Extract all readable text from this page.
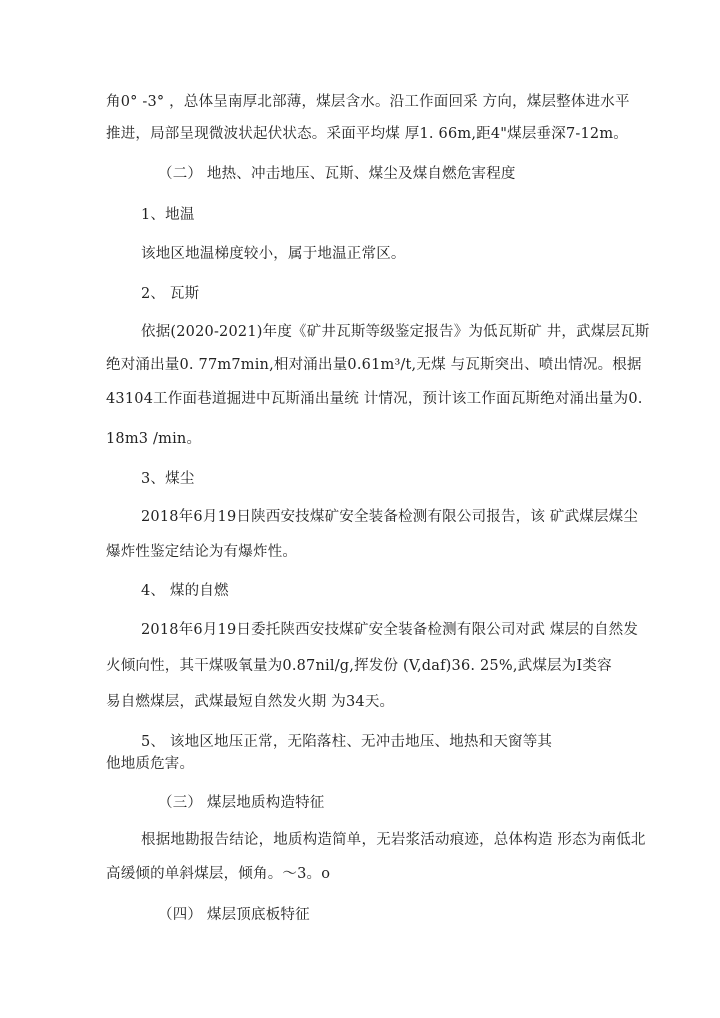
角0° -3° ，总体呈南厚北部薄，煤层含水。沿工作面回采 方向，煤层整体进水平
推进，局部呈现微波状起伏状态。采面平均煤 厚1. 66m,距4"煤层垂深7-12m。
（二） 地热、冲击地压、瓦斯、煤尘及煤自燃危害程度
1、地温
该地区地温梯度较小，属于地温正常区。
2、 瓦斯
依据(2020-2021)年度《矿井瓦斯等级鉴定报告》为低瓦斯矿 井，武煤层瓦斯
绝对涌出量0. 77m7min,相对涌出量0.61m³/t,无煤 与瓦斯突出、喷出情况。根据
43104工作面巷道掘进中瓦斯涌出量统 计情况，预计该工作面瓦斯绝对涌出量为0.
18m3 /min。
3、煤尘
2018年6月19日陕西安技煤矿安全装备检测有限公司报告，该 矿武煤层煤尘
爆炸性鉴定结论为有爆炸性。
4、 煤的自燃
2018年6月19日委托陕西安技煤矿安全装备检测有限公司对武 煤层的自然发
火倾向性，其干煤吸氧量为0.87nil/g,挥发份 (V,daf)36. 25%,武煤层为I类容
易自燃煤层，武煤最短自然发火期 为34天。
5、 该地区地压正常，无陷落柱、无冲击地压、地热和天窗等其
他地质危害。
（三） 煤层地质构造特征
根据地勘报告结论，地质构造简单，无岩浆活动痕迹，总体构造 形态为南低北
高缓倾的单斜煤层，倾角。〜3。o
（四） 煤层顶底板特征
